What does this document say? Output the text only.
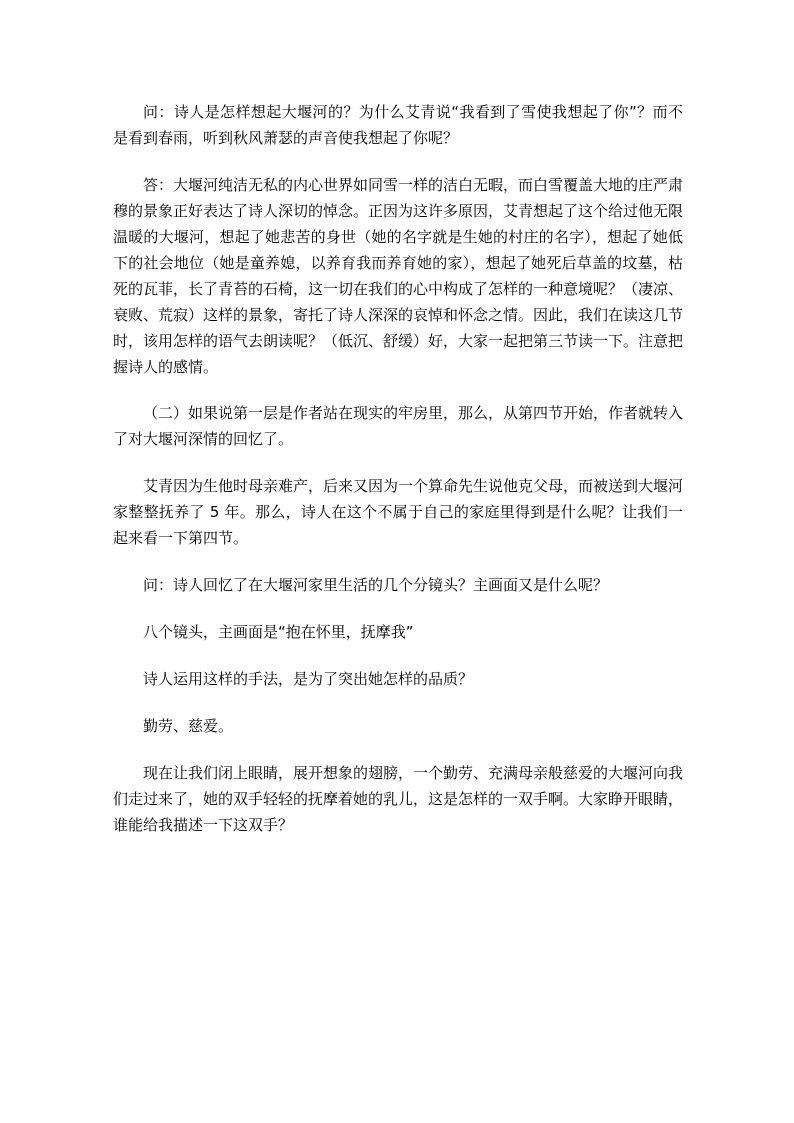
问：诗人是怎样想起大堰河的？为什么艾青说“我看到了雪使我想起了你”？而不是看到春雨，听到秋风萧瑟的声音使我想起了你呢？

答：大堰河纯洁无私的内心世界如同雪一样的洁白无暇，而白雪覆盖大地的庄严肃穆的景象正好表达了诗人深切的悼念。正因为这许多原因，艾青想起了这个给过他无限温暖的大堰河，想起了她悲苦的身世（她的名字就是生她的村庄的名字），想起了她低下的社会地位（她是童养媳，以养育我而养育她的家），想起了她死后草盖的坟墓，枯死的瓦菲，长了青苔的石椅，这一切在我们的心中构成了怎样的一种意境呢？（凄凉、衰败、荒寂）这样的景象，寄托了诗人深深的哀悼和怀念之情。因此，我们在读这几节时，该用怎样的语气去朗读呢？（低沉、舒缓）好，大家一起把第三节读一下。注意把握诗人的感情。

（二）如果说第一层是作者站在现实的牢房里，那么，从第四节开始，作者就转入了对大堰河深情的回忆了。

艾青因为生他时母亲难产，后来又因为一个算命先生说他克父母，而被送到大堰河家整整抚养了 5 年。那么，诗人在这个不属于自己的家庭里得到是什么呢？让我们一起来看一下第四节。

问：诗人回忆了在大堰河家里生活的几个分镜头？主画面又是什么呢？

八个镜头，主画面是“抱在怀里，抚摩我”

诗人运用这样的手法，是为了突出她怎样的品质？

勤劳、慈爱。

现在让我们闭上眼睛，展开想象的翅膀，一个勤劳、充满母亲般慈爱的大堰河向我们走过来了，她的双手轻轻的抚摩着她的乳儿，这是怎样的一双手啊。大家睁开眼睛，谁能给我描述一下这双手？
